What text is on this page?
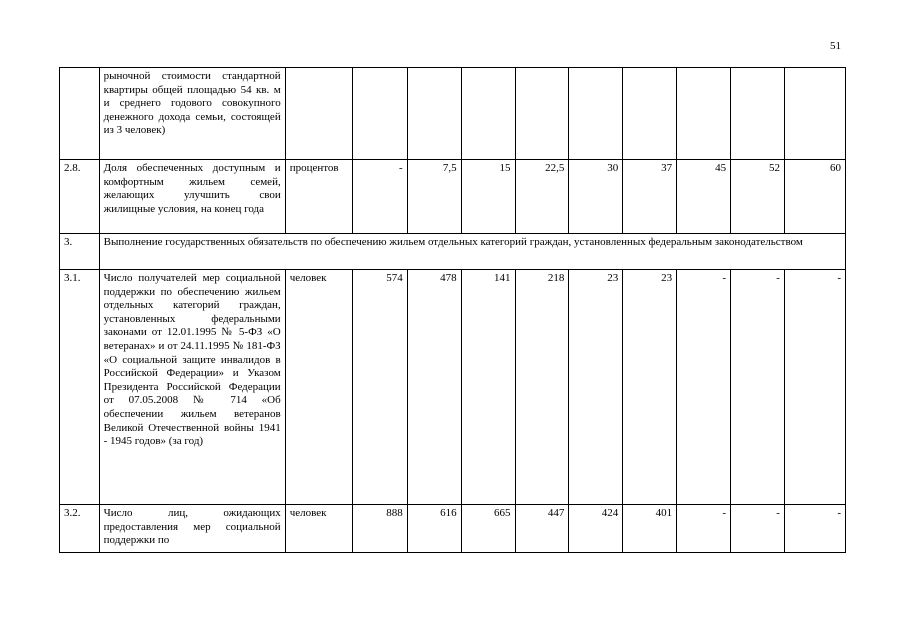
51
	рыночной стоимости стандартной квартиры общей площадью 54 кв. м и среднего годового совокупного денежного дохода семьи, состоящей из 3 человек)										
2.8.	Доля обеспеченных доступным и комфортным жильем семей, желающих улучшить свои жилищные условия, на конец года	процентов	-	7,5	15	22,5	30	37	45	52	60
3.	Выполнение государственных обязательств по обеспечению жильем отдельных категорий граждан, установленных федеральным законодательством										
3.1.	Число получателей мер социальной поддержки по обеспечению жильем отдельных категорий граждан, установленных федеральными законами от 12.01.1995 № 5-ФЗ «О ветеранах» и от 24.11.1995 № 181-ФЗ «О социальной защите инвалидов в Российской Федерации» и Указом Президента Российской Федерации от 07.05.2008 № 714 «Об обеспечении жильем ветеранов Великой Отечественной войны 1941 - 1945 годов» (за год)	человек	574	478	141	218	23	23	-	-	-
3.2.	Число лиц, ожидающих предоставления мер социальной поддержки по	человек	888	616	665	447	424	401	-	-	-
